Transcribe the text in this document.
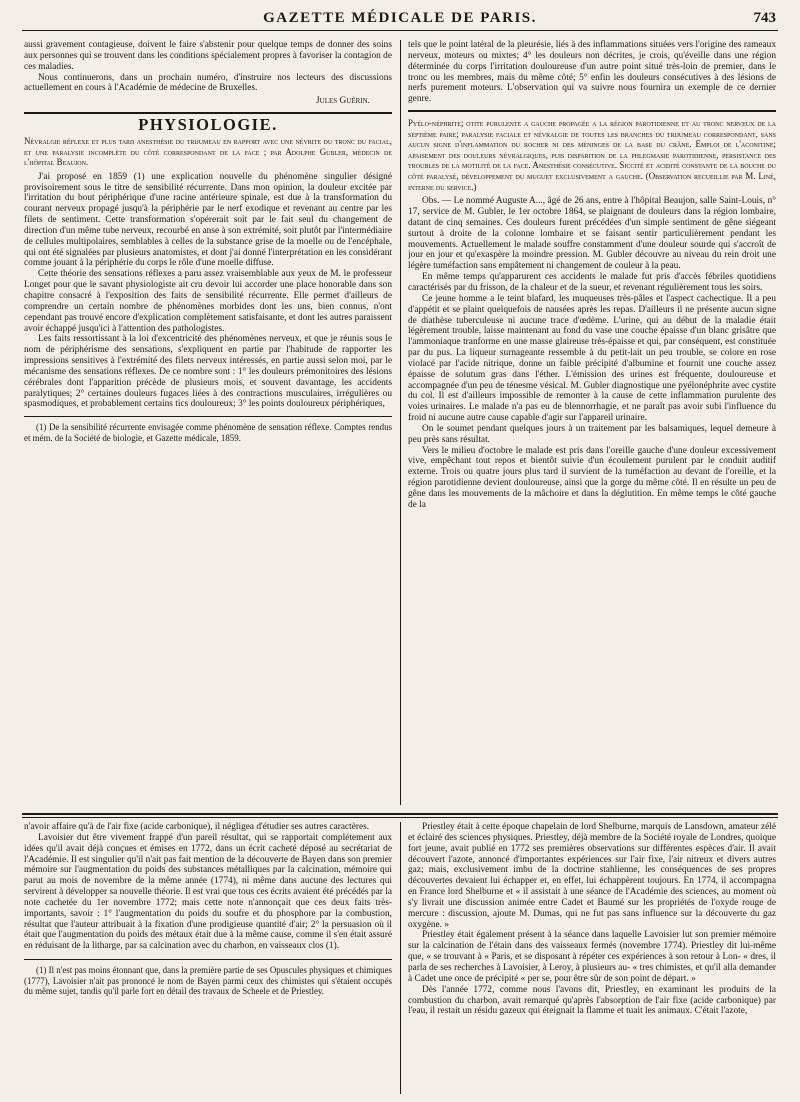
GAZETTE MÉDICALE DE PARIS.	743

aussi gravement contagieuse, doivent le faire s'abstenir pour quelque temps de donner des soins aux personnes qui se trouvent dans les conditions spécialement propres à favoriser la contagion de ces maladies.

Nous continuerons, dans un prochain numéro, d'instruire nos lecteurs des discussions actuellement en cours à l'Académie de médecine de Bruxelles.

Jules Guérin.

PHYSIOLOGIE.

Névralgie réflexe et plus tard anesthésie du trijumeau en rapport avec une névrite du tronc du facial, et une paralysie incomplète du côté correspondant de la face ; par Adolphe Gubler, médecin de l'hôpital Beaujon.

J'ai proposé en 1859 (1) une explication nouvelle du phénomène singulier désigné provisoirement sous le titre de sensibilité récurrente. Dans mon opinion, la douleur excitée par l'irritation du bout périphérique d'une racine antérieure spinale, est due à la transformation du courant nerveux propagé jusqu'à la périphérie par le nerf exodique et revenant au centre par les filets de sentiment. Cette transformation s'opérerait soit par le fait seul du changement de direction d'un même tube nerveux, recourbé en anse à son extrémité, soit plutôt par l'intermédiaire de cellules multipolaires, semblables à celles de la substance grise de la moelle ou de l'encéphale, qui ont été signalées par plusieurs anatomistes, et dont j'ai donné l'interprétation en les considérant comme jouant à la périphérie du corps le rôle d'une moelle diffuse.

Cette théorie des sensations réflexes a paru assez vraisemblable aux yeux de M. le professeur Longet pour que le savant physiologiste ait cru devoir lui accorder une place honorable dans son chapitre consacré à l'exposition des faits de sensibilité récurrente. Elle permet d'ailleurs de comprendre un certain nombre de phénomènes morbides dont les uns, bien connus, n'ont cependant pas trouvé encore d'explication complètement satisfaisante, et dont les autres paraissent avoir échappé jusqu'ici à l'attention des pathologistes.

Les faits ressortissant à la loi d'excentricité des phénomènes nerveux, et que je réunis sous le nom de périphérisme des sensations, s'expliquent en partie par l'habitude de rapporter les impressions sensitives à l'extrémité des filets nerveux intéressés, en partie aussi selon moi, par le mécanisme des sensations réflexes. De ce nombre sont : 1° les douleurs prémonitoires des lésions cérébrales dont l'apparition précède de plusieurs mois, et souvent davantage, les accidents paralytiques; 2° certaines douleurs fugaces liées à des contractions musculaires, irrégulières ou spasmodiques, et probablement certains tics douloureux; 3° les points douloureux périphériques,

(1) De la sensibilité récurrente envisagée comme phénomène de sensation réflexe. Comptes rendus et mém. de la Société de biologie, et Gazette médicale, 1859.

tels que le point latéral de la pleurésie, liés à des inflammations situées vers l'origine des rameaux nerveux, moteurs ou mixtes; 4° les douleurs non décrites, je crois, qu'éveille dans une région déterminée du corps l'irritation douloureuse d'un autre point situé très-loin de premier, dans le tronc ou les membres, mais du même côté; 5° enfin les douleurs consécutives à des lésions de nerfs purement moteurs. L'observation qui va suivre nous fournira un exemple de ce dernier genre.

Pyélo-néphrite; otite purulente a gauche propagée a la région parotidienne et au tronc nerveux de la septième paire; paralysie faciale et névralgie de toutes les branches du trijumeau correspondant, sans aucun signe d'inflammation du rocher ni des méninges de la base du crâne. Emploi de l'aconitine; apaisement des douleurs névralgiques, puis disparition de la phlegmasie parotidienne, persistance des troubles de la motilité de la face. Anesthésie consécutive. Siccité et acidité constante de la bouche du côté paralysé, développement du muguet exclusivement a gauche. (Observation recueillie par M. Liné, interne du service.)

Obs. — Le nommé Auguste A..., âgé de 26 ans, entre à l'hôpital Beaujon, salle Saint-Louis, n° 17, service de M. Gubler, le 1er octobre 1864, se plaignant de douleurs dans la région lombaire, datant de cinq semaines. Ces douleurs furent précédées d'un simple sentiment de gêne siégeant surtout à droite de la colonne lombaire et se faisant sentir particulièrement pendant les mouvements. Actuellement le malade souffre constamment d'une douleur sourde qui s'accroît de jour en jour et qu'exaspère la moindre pression. M. Gubler découvre au niveau du rein droit une légère tuméfaction sans empâtement ni changement de couleur à la peau.

En même temps qu'apparurent ces accidents le malade fut pris d'accès fébriles quotidiens caractérisés par du frisson, de la chaleur et de la sueur, et revenant régulièrement tous les soirs.

Ce jeune homme a le teint blafard, les muqueuses très-pâles et l'aspect cachectique. Il a peu d'appétit et se plaint quelquefois de nausées après les repas. D'ailleurs il ne présente aucun signe de diathèse tuberculeuse ni aucune trace d'œdème. L'urine, qui au début de la maladie était légèrement trouble, laisse maintenant au fond du vase une couche épaisse d'un blanc grisâtre que l'ammoniaque tranforme en une masse glaireuse très-épaisse et qui, par conséquent, est constituée par du pus. La liqueur surnageante ressemble à du petit-lait un peu trouble, se colore en rose violacé par l'acide nitrique, donne un faible précipité d'albumine et fournit une couche assez épaisse de solutum gras dans l'éther. L'émission des urines est fréquente, douloureuse et accompagnée d'un peu de ténesme vésical. M. Gubler diagnostique une pyélonéphrite avec cystite du col. Il est d'ailleurs impossible de remonter à la cause de cette inflammation purulente des voies urinaires. Le malade n'a pas eu de blennorrhagie, et ne paraît pas avoir subi l'influence du froid ni aucune autre cause capable d'agir sur l'appareil urinaire.

On le soumet pendant quelques jours à un traitement par les balsamiques, lequel demeure à peu près sans résultat.

Vers le milieu d'octobre le malade est pris dans l'oreille gauche d'une douleur excessivement vive, empêchant tout repos et bientôt suivie d'un écoulement purulent par le conduit auditif externe. Trois ou quatre jours plus tard il survient de la tuméfaction au devant de l'oreille, et la région parotidienne devient douloureuse, ainsi que la gorge du même côté. Il en résulte un peu de gêne dans les mouvements de la mâchoire et dans la déglutition. En même temps le côté gauche de la

n'avoir affaire qu'à de l'air fixe (acide carbonique), il négligea d'étudier ses autres caractères.

Lavoisier dut être vivement frappé d'un pareil résultat, qui se rapportait complétement aux idées qu'il avait déjà conçues et émises en 1772, dans un écrit cacheté déposé au secrétariat de l'Académie. Il est singulier qu'il n'ait pas fait mention de la découverte de Bayen dans son premier mémoire sur l'augmentation du poids des substances métalliques par la calcination, mémoire qui parut au mois de novembre de la même année (1774), ni même dans aucune des lectures qui servirent à développer sa nouvelle théorie. Il est vrai que tous ces écrits avaient été précédés par la note cachetée du 1er novembre 1772; mais cette note n'annonçait que ces deux faits très-importants, savoir : 1° l'augmentation du poids du soufre et du phosphore par la combustion, résultat que l'auteur attribuait à la fixation d'une prodigieuse quantité d'air; 2° la persuasion où il était que l'augmentation du poids des métaux était due à la même cause, comme il s'en était assuré en réduisant de la litharge, par sa calcination avec du charbon, en vaisseaux clos (1).

(1) Il n'est pas moins étonnant que, dans la première partie de ses Opuscules physiques et chimiques (1777), Lavoisier n'ait pas prononcé le nom de Bayen parmi ceux des chimistes qui s'étaient occupés du même sujet, tandis qu'il parle fort en détail des travaux de Scheele et de Priestley.

Priestley était à cette époque chapelain de lord Shelburne, marquis de Lansdown, amateur zélé et éclairé des sciences physiques. Priestley, déjà membre de la Société royale de Londres, quoique fort jeune, avait publié en 1772 ses premières observations sur différentes espèces d'air. Il avait découvert l'azote, annoncé d'importantes expériences sur l'air fixe, l'air nitreux et divers autres gaz; mais, exclusivement imbu de la doctrine stahlienne, les conséquences de ses propres découvertes devaient lui échapper et, en effet, lui échappèrent toujours. En 1774, il accompagna en France lord Shelburne et « il assistait à une séance de l'Académie des sciences, au moment où s'y livrait une discussion animée entre Cadet et Baumé sur les propriétés de l'oxyde rouge de mercure : discussion, ajoute M. Dumas, qui ne fut pas sans influence sur la découverte du gaz oxygène. »

Priestley était également présent à la séance dans laquelle Lavoisier lut son premier mémoire sur la calcination de l'étain dans des vaisseaux fermés (novembre 1774). Priestley dit lui-même que, « se trouvant à « Paris, et se disposant à répéter ces expériences à son retour à Lon- « dres, il parla de ses recherches à Lavoisier, à Leroy, à plusieurs au- « tres chimistes, et qu'il alla demander à Cadet une once de précipité « per se, pour être sûr de son point de départ. »

Dès l'année 1772, comme nous l'avons dit, Priestley, en examinant les produits de la combustion du charbon, avait remarqué qu'après l'absorption de l'air fixe (acide carbonique) par l'eau, il restait un résidu gazeux qui éteignait la flamme et tuait les animaux. C'était l'azote,
